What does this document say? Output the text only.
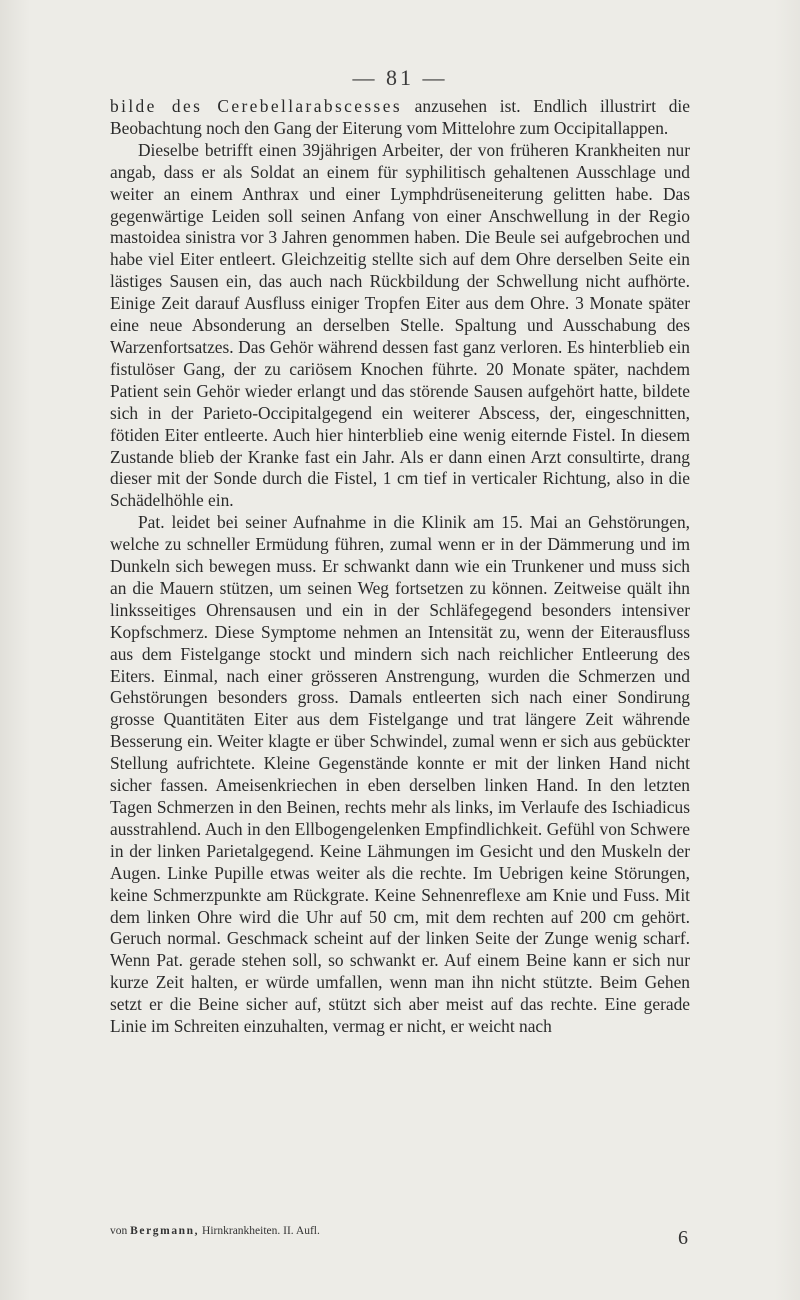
— 81 —

bilde des Cerebellarabscesses anzusehen ist. Endlich illustrirt die Beobachtung noch den Gang der Eiterung vom Mittelohre zum Occipitallappen.

Dieselbe betrifft einen 39jährigen Arbeiter, der von früheren Krankheiten nur angab, dass er als Soldat an einem für syphilitisch gehaltenen Ausschlage und weiter an einem Anthrax und einer Lymphdrüseneiterung gelitten habe. Das gegenwärtige Leiden soll seinen Anfang von einer Anschwellung in der Regio mastoidea sinistra vor 3 Jahren genommen haben. Die Beule sei aufgebrochen und habe viel Eiter entleert. Gleichzeitig stellte sich auf dem Ohre derselben Seite ein lästiges Sausen ein, das auch nach Rückbildung der Schwellung nicht aufhörte. Einige Zeit darauf Ausfluss einiger Tropfen Eiter aus dem Ohre. 3 Monate später eine neue Absonderung an derselben Stelle. Spaltung und Ausschabung des Warzenfortsatzes. Das Gehör während dessen fast ganz verloren. Es hinterblieb ein fistulöser Gang, der zu cariösem Knochen führte. 20 Monate später, nachdem Patient sein Gehör wieder erlangt und das störende Sausen aufgehört hatte, bildete sich in der Parieto-Occipitalgegend ein weiterer Abscess, der, eingeschnitten, fötiden Eiter entleerte. Auch hier hinterblieb eine wenig eiternde Fistel. In diesem Zustande blieb der Kranke fast ein Jahr. Als er dann einen Arzt consultirte, drang dieser mit der Sonde durch die Fistel, 1 cm tief in verticaler Richtung, also in die Schädelhöhle ein.

Pat. leidet bei seiner Aufnahme in die Klinik am 15. Mai an Gehstörungen, welche zu schneller Ermüdung führen, zumal wenn er in der Dämmerung und im Dunkeln sich bewegen muss. Er schwankt dann wie ein Trunkener und muss sich an die Mauern stützen, um seinen Weg fortsetzen zu können. Zeitweise quält ihn linksseitiges Ohrensausen und ein in der Schläfegegend besonders intensiver Kopfschmerz. Diese Symptome nehmen an Intensität zu, wenn der Eiterausfluss aus dem Fistelgange stockt und mindern sich nach reichlicher Entleerung des Eiters. Einmal, nach einer grösseren Anstrengung, wurden die Schmerzen und Gehstörungen besonders gross. Damals entleerten sich nach einer Sondirung grosse Quantitäten Eiter aus dem Fistelgange und trat längere Zeit währende Besserung ein. Weiter klagte er über Schwindel, zumal wenn er sich aus gebückter Stellung aufrichtete. Kleine Gegenstände konnte er mit der linken Hand nicht sicher fassen. Ameisenkriechen in eben derselben linken Hand. In den letzten Tagen Schmerzen in den Beinen, rechts mehr als links, im Verlaufe des Ischiadicus ausstrahlend. Auch in den Ellbogengelenken Empfindlichkeit. Gefühl von Schwere in der linken Parietalgegend. Keine Lähmungen im Gesicht und den Muskeln der Augen. Linke Pupille etwas weiter als die rechte. Im Uebrigen keine Störungen, keine Schmerzpunkte am Rückgrate. Keine Sehnenreflexe am Knie und Fuss. Mit dem linken Ohre wird die Uhr auf 50 cm, mit dem rechten auf 200 cm gehört. Geruch normal. Geschmack scheint auf der linken Seite der Zunge wenig scharf. Wenn Pat. gerade stehen soll, so schwankt er. Auf einem Beine kann er sich nur kurze Zeit halten, er würde umfallen, wenn man ihn nicht stützte. Beim Gehen setzt er die Beine sicher auf, stützt sich aber meist auf das rechte. Eine gerade Linie im Schreiten einzuhalten, vermag er nicht, er weicht nach

von Bergmann, Hirnkrankheiten. II. Aufl.	6
